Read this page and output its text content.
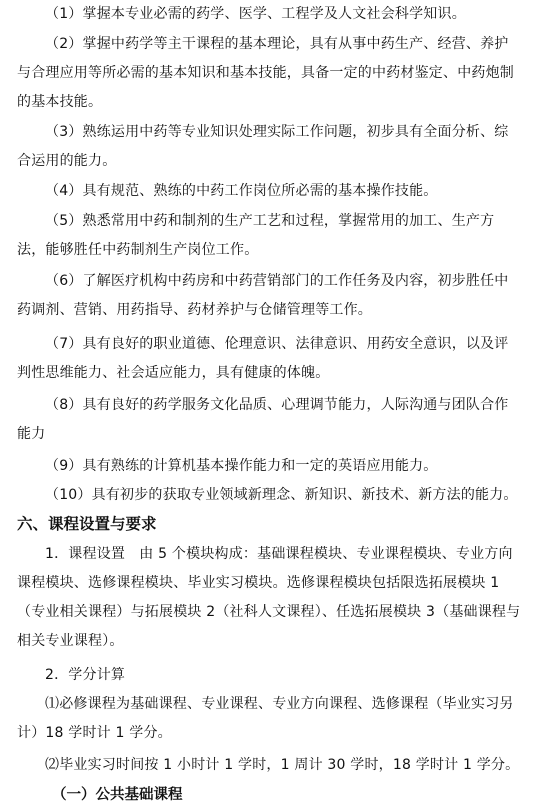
（1）掌握本专业必需的药学、医学、工程学及人文社会科学知识。
（2）掌握中药学等主干课程的基本理论，具有从事中药生产、经营、养护与合理应用等所必需的基本知识和基本技能，具备一定的中药材鉴定、中药炮制的基本技能。
（3）熟练运用中药等专业知识处理实际工作问题，初步具有全面分析、综合运用的能力。
（4）具有规范、熟练的中药工作岗位所必需的基本操作技能。
（5）熟悉常用中药和制剂的生产工艺和过程，掌握常用的加工、生产方法，能够胜任中药制剂生产岗位工作。
（6）了解医疗机构中药房和中药营销部门的工作任务及内容，初步胜任中药调剂、营销、用药指导、药材养护与仓储管理等工作。
（7）具有良好的职业道德、伦理意识、法律意识、用药安全意识，以及评判性思维能力、社会适应能力，具有健康的体魄。
（8）具有良好的药学服务文化品质、心理调节能力，人际沟通与团队合作能力
（9）具有熟练的计算机基本操作能力和一定的英语应用能力。
（10）具有初步的获取专业领域新理念、新知识、新技术、新方法的能力。
六、课程设置与要求
1．课程设置　由 5 个模块构成：基础课程模块、专业课程模块、专业方向课程模块、选修课程模块、毕业实习模块。选修课程模块包括限选拓展模块 1（专业相关课程）与拓展模块 2（社科人文课程）、任选拓展模块 3（基础课程与相关专业课程）。
2．学分计算
⑴必修课程为基础课程、专业课程、专业方向课程、选修课程（毕业实习另计）18 学时计 1 学分。
⑵毕业实习时间按 1 小时计 1 学时，1 周计 30 学时，18 学时计 1 学分。
（一）公共基础课程
